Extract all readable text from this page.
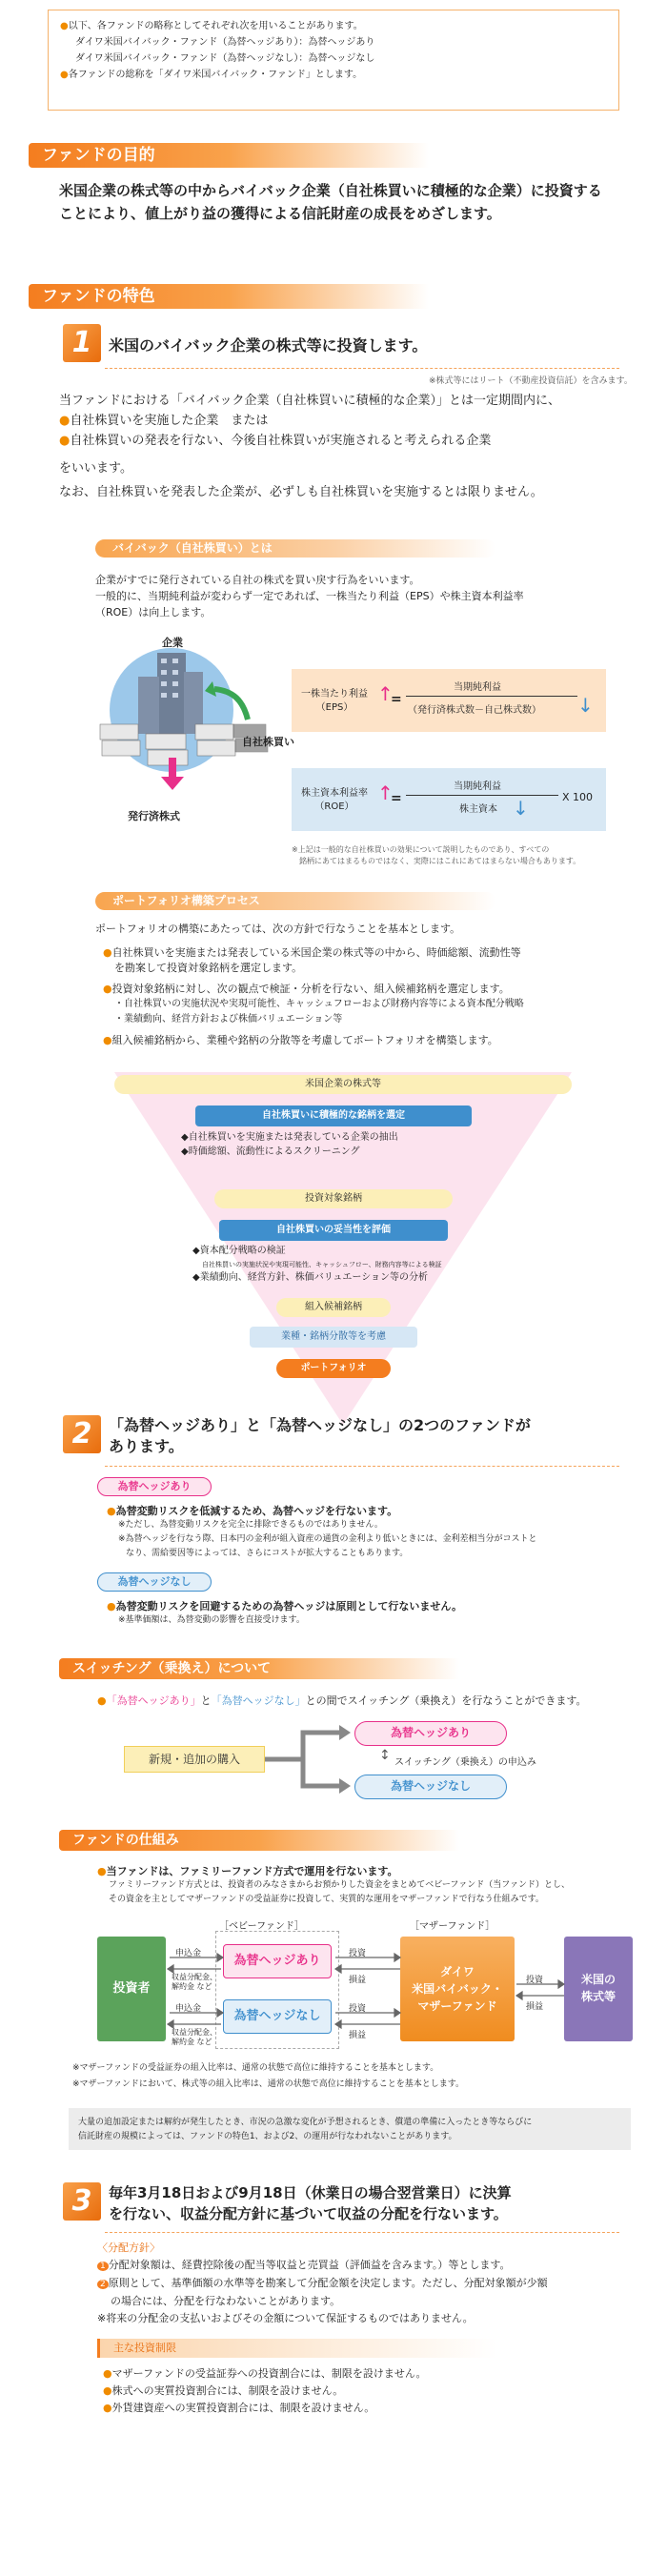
●以下、各ファンドの略称としてそれぞれ次を用いることがあります。
ダイワ米国バイバック・ファンド（為替ヘッジあり）：為替ヘッジあり
ダイワ米国バイバック・ファンド（為替ヘッジなし）：為替ヘッジなし
●各ファンドの総称を「ダイワ米国バイバック・ファンド」とします。
ファンドの目的
米国企業の株式等の中からバイバック企業（自社株買いに積極的な企業）に投資することにより、値上がり益の獲得による信託財産の成長をめざします。
ファンドの特色
1	米国のバイバック企業の株式等に投資します。
※株式等にはリート（不動産投資信託）を含みます。
当ファンドにおける「バイバック企業（自社株買いに積極的な企業）」とは一定期間内に、
●自社株買いを実施した企業　または
●自社株買いの発表を行ない、今後自社株買いが実施されると考えられる企業
をいいます。
なお、自社株買いを発表した企業が、必ずしも自社株買いを実施するとは限りません。
バイバック（自社株買い）とは
企業がすでに発行されている自社の株式を買い戻す行為をいいます。
一般的に、当期純利益が変わらず一定であれば、一株当たり利益（EPS）や株主資本利益率
（ROE）は向上します。
企業
自社株買い
発行済株式
一株当たり利益
（EPS）
↑
=
当期純利益
（発行済株式数－自己株式数） ↓
株主資本利益率
（ROE）
↑
=
当期純利益
株主資本 ↓	X 100
※上記は一般的な自社株買いの効果について説明したものであり、すべての
銘柄にあてはまるものではなく、実際にはこれにあてはまらない場合もあります。
ポートフォリオ構築プロセス
ポートフォリオの構築にあたっては、次の方針で行なうことを基本とします。
●自社株買いを実施または発表している米国企業の株式等の中から、時価総額、流動性等
を勘案して投資対象銘柄を選定します。
●投資対象銘柄に対し、次の観点で検証・分析を行ない、組入候補銘柄を選定します。
・自社株買いの実施状況や実現可能性、キャッシュフローおよび財務内容等による資本配分戦略
・業績動向、経営方針および株価バリュエーション等
●組入候補銘柄から、業種や銘柄の分散等を考慮してポートフォリオを構築します。
米国企業の株式等
自社株買いに積極的な銘柄を選定
◆自社株買いを実施または発表している企業の抽出
◆時価総額、流動性によるスクリーニング
投資対象銘柄
自社株買いの妥当性を評価
◆資本配分戦略の検証
自社株買いの実施状況や実現可能性、キャッシュフロー、財務内容等による検証
◆業績動向、経営方針、株価バリュエーション等の分析
組入候補銘柄
業種・銘柄分散等を考慮
ポートフォリオ
2	「為替ヘッジあり」と「為替ヘッジなし」の2つのファンドが
あります。
為替ヘッジあり
●為替変動リスクを低減するため、為替ヘッジを行ないます。
※ただし、為替変動リスクを完全に排除できるものではありません。
※為替ヘッジを行なう際、日本円の金利が組入資産の通貨の金利より低いときには、金利差相当分がコストと
なり、需給要因等によっては、さらにコストが拡大することもあります。
為替ヘッジなし
●為替変動リスクを回避するための為替ヘッジは原則として行ないません。
※基準価額は、為替変動の影響を直接受けます。
スイッチング（乗換え）について
●「為替ヘッジあり」と「為替ヘッジなし」との間でスイッチング（乗換え）を行なうことができます。
新規・追加の購入
為替ヘッジあり
為替ヘッジなし
↕ スイッチング（乗換え）の申込み
ファンドの仕組み
●当ファンドは、ファミリーファンド方式で運用を行ないます。
ファミリーファンド方式とは、投資者のみなさまからお預かりした資金をまとめてベビーファンド（当ファンド）とし、
その資金を主としてマザーファンドの受益証券に投資して、実質的な運用をマザーファンドで行なう仕組みです。
［ベビーファンド］	［マザーファンド］
投資者
為替ヘッジあり
為替ヘッジなし
ダイワ
米国バイバック・
マザーファンド
米国の
株式等
申込金
収益分配金、
解約金 など
申込金
収益分配金、
解約金 など
投資
損益
投資
損益
投資
損益
※マザーファンドの受益証券の組入比率は、通常の状態で高位に維持することを基本とします。
※マザーファンドにおいて、株式等の組入比率は、通常の状態で高位に維持することを基本とします。
大量の追加設定または解約が発生したとき、市況の急激な変化が予想されるとき、償還の準備に入ったとき等ならびに
信託財産の規模によっては、ファンドの特色1、および2、の運用が行なわれないことがあります。
3	毎年3月18日および9月18日（休業日の場合翌営業日）に決算
を行ない、収益分配方針に基づいて収益の分配を行ないます。
〈分配方針〉
1 分配対象額は、経費控除後の配当等収益と売買益（評価益を含みます。）等とします。
2 原則として、基準価額の水準等を勘案して分配金額を決定します。ただし、分配対象額が少額
の場合には、分配を行なわないことがあります。
※将来の分配金の支払いおよびその金額について保証するものではありません。
主な投資制限
●マザーファンドの受益証券への投資割合には、制限を設けません。
●株式への実質投資割合には、制限を設けません。
●外貨建資産への実質投資割合には、制限を設けません。
